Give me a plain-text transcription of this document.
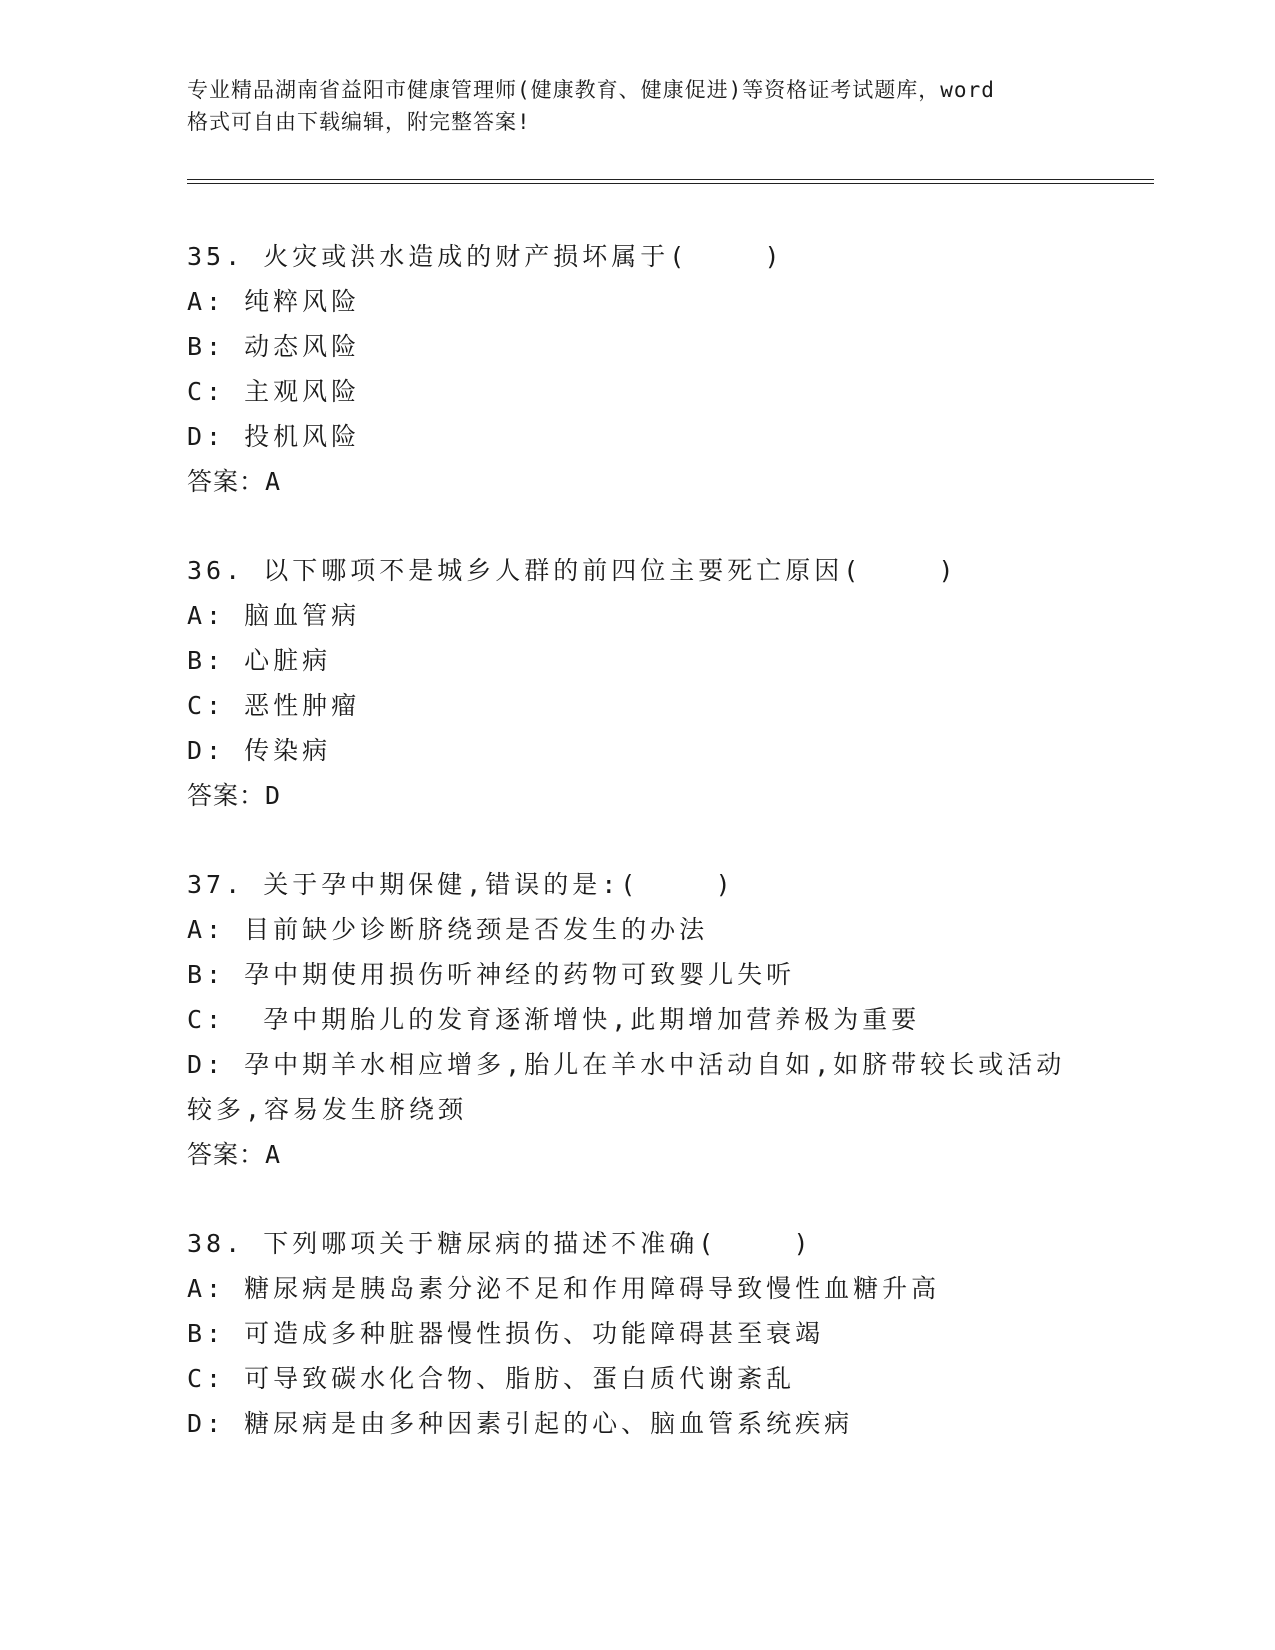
专业精品湖南省益阳市健康管理师(健康教育、健康促进)等资格证考试题库，word
格式可自由下载编辑，附完整答案!
35. 火灾或洪水造成的财产损坏属于(    )
A: 纯粹风险
B: 动态风险
C: 主观风险
D: 投机风险
答案：A
36. 以下哪项不是城乡人群的前四位主要死亡原因(    )
A: 脑血管病
B: 心脏病
C: 恶性肿瘤
D: 传染病
答案：D
37. 关于孕中期保健,错误的是:(    )
A: 目前缺少诊断脐绕颈是否发生的办法
B: 孕中期使用损伤听神经的药物可致婴儿失听
C:  孕中期胎儿的发育逐渐增快,此期增加营养极为重要
D: 孕中期羊水相应增多,胎儿在羊水中活动自如,如脐带较长或活动较多,容易发生脐绕颈
答案：A
38. 下列哪项关于糖尿病的描述不准确(    )
A: 糖尿病是胰岛素分泌不足和作用障碍导致慢性血糖升高
B: 可造成多种脏器慢性损伤、功能障碍甚至衰竭
C: 可导致碳水化合物、脂肪、蛋白质代谢紊乱
D: 糖尿病是由多种因素引起的心、脑血管系统疾病
